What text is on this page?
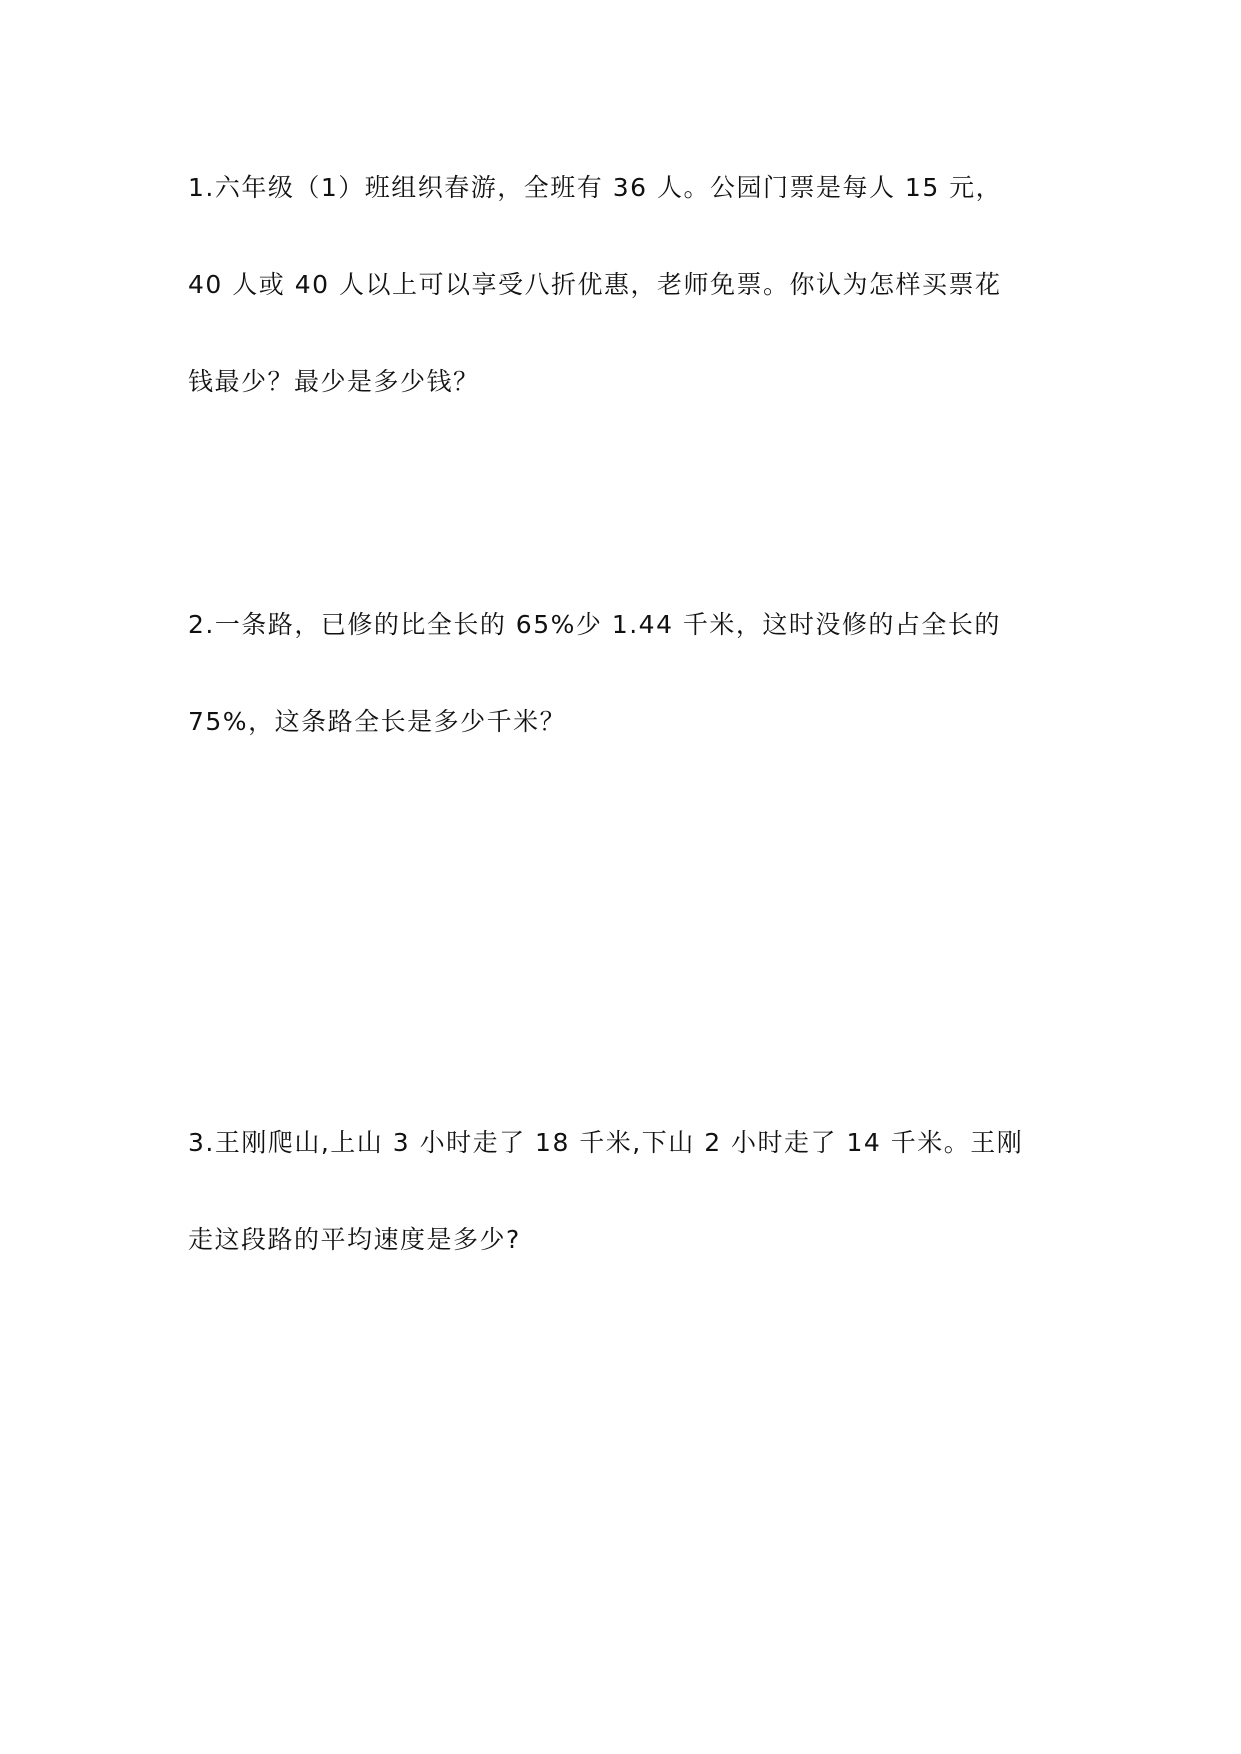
1.六年级（1）班组织春游，全班有 36 人。公园门票是每人 15 元，
40 人或 40 人以上可以享受八折优惠，老师免票。你认为怎样买票花
钱最少？最少是多少钱？
2.一条路，已修的比全长的 65%少 1.44 千米，这时没修的占全长的
75%，这条路全长是多少千米？
3.王刚爬山,上山 3 小时走了 18 千米,下山 2 小时走了 14 千米。王刚
走这段路的平均速度是多少?
